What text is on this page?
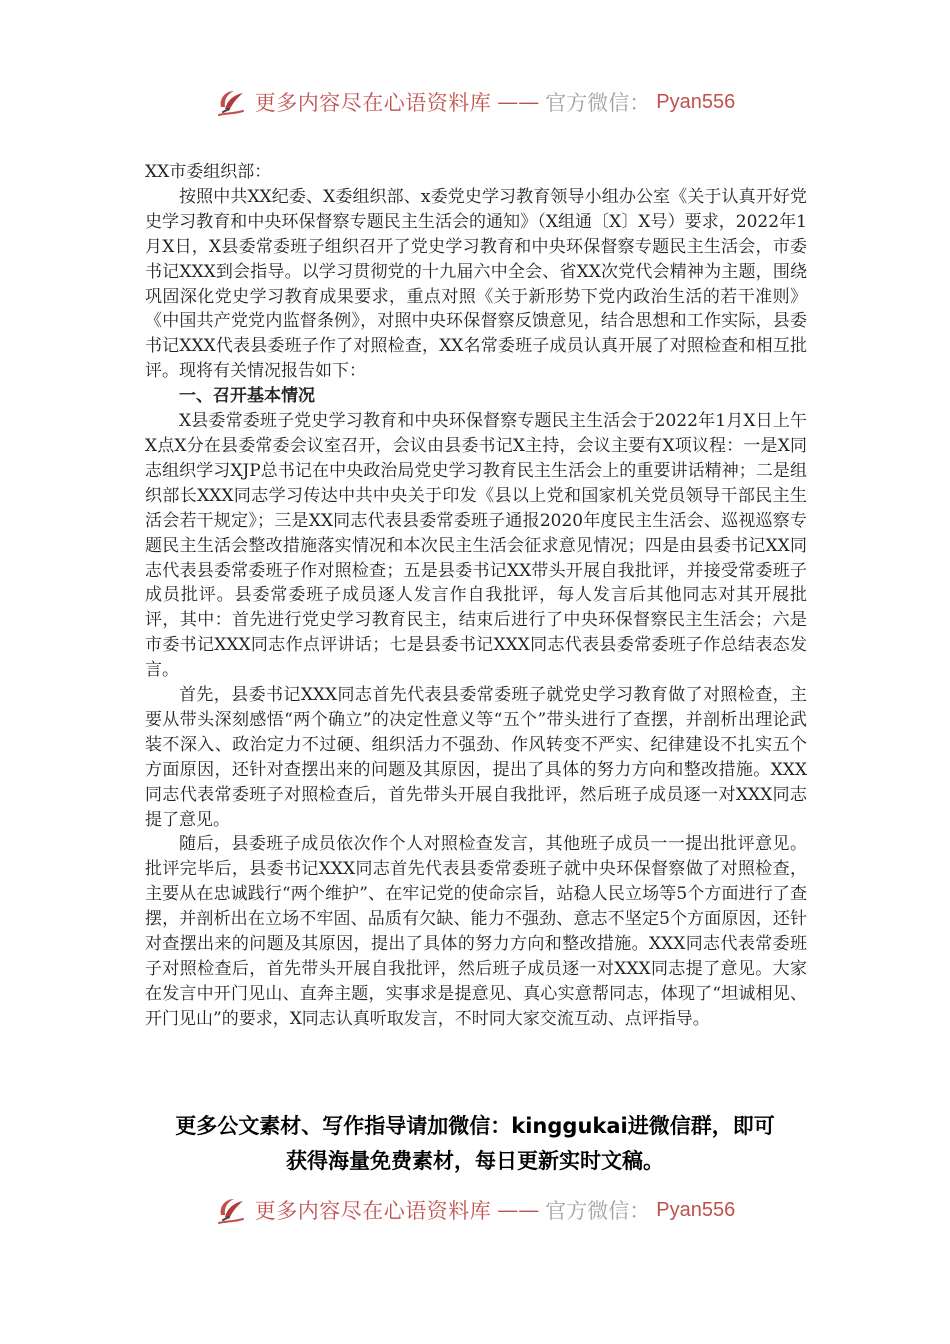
更多内容尽在心语资料库 —— 官方微信： Pyan556

XX市委组织部：

按照中共XX纪委、X委组织部、x委党史学习教育领导小组办公室《关于认真开好党史学习教育和中央环保督察专题民主生活会的通知》（X组通〔X〕X号）要求，2022年1月X日，X县委常委班子组织召开了党史学习教育和中央环保督察专题民主生活会，市委书记XXX到会指导。以学习贯彻党的十九届六中全会、省XX次党代会精神为主题，围绕巩固深化党史学习教育成果要求，重点对照《关于新形势下党内政治生活的若干准则》《中国共产党党内监督条例》，对照中央环保督察反馈意见，结合思想和工作实际，县委书记XXX代表县委班子作了对照检查，XX名常委班子成员认真开展了对照检查和相互批评。现将有关情况报告如下：

一、召开基本情况

X县委常委班子党史学习教育和中央环保督察专题民主生活会于2022年1月X日上午X点X分在县委常委会议室召开，会议由县委书记X主持，会议主要有X项议程：一是X同志组织学习XJP总书记在中央政治局党史学习教育民主生活会上的重要讲话精神；二是组织部长XXX同志学习传达中共中央关于印发《县以上党和国家机关党员领导干部民主生活会若干规定》；三是XX同志代表县委常委班子通报2020年度民主生活会、巡视巡察专题民主生活会整改措施落实情况和本次民主生活会征求意见情况；四是由县委书记XX同志代表县委常委班子作对照检查；五是县委书记XX带头开展自我批评，并接受常委班子成员批评。县委常委班子成员逐人发言作自我批评，每人发言后其他同志对其开展批评，其中：首先进行党史学习教育民主，结束后进行了中央环保督察民主生活会；六是市委书记XXX同志作点评讲话；七是县委书记XXX同志代表县委常委班子作总结表态发言。

首先，县委书记XXX同志首先代表县委常委班子就党史学习教育做了对照检查，主要从带头深刻感悟“两个确立”的决定性意义等“五个”带头进行了查摆，并剖析出理论武装不深入、政治定力不过硬、组织活力不强劲、作风转变不严实、纪律建设不扎实五个方面原因，还针对查摆出来的问题及其原因，提出了具体的努力方向和整改措施。XXX同志代表常委班子对照检查后，首先带头开展自我批评，然后班子成员逐一对XXX同志提了意见。

随后，县委班子成员依次作个人对照检查发言，其他班子成员一一提出批评意见。批评完毕后，县委书记XXX同志首先代表县委常委班子就中央环保督察做了对照检查，主要从在忠诚践行“两个维护”、在牢记党的使命宗旨，站稳人民立场等5个方面进行了查摆，并剖析出在立场不牢固、品质有欠缺、能力不强劲、意志不坚定5个方面原因，还针对查摆出来的问题及其原因，提出了具体的努力方向和整改措施。XXX同志代表常委班子对照检查后，首先带头开展自我批评，然后班子成员逐一对XXX同志提了意见。大家在发言中开门见山、直奔主题，实事求是提意见、真心实意帮同志，体现了“坦诚相见、开门见山”的要求，X同志认真听取发言，不时同大家交流互动、点评指导。

更多公文素材、写作指导请加微信：kinggukai进微信群，即可
获得海量免费素材，每日更新实时文稿。
更多内容尽在心语资料库 —— 官方微信： Pyan556
